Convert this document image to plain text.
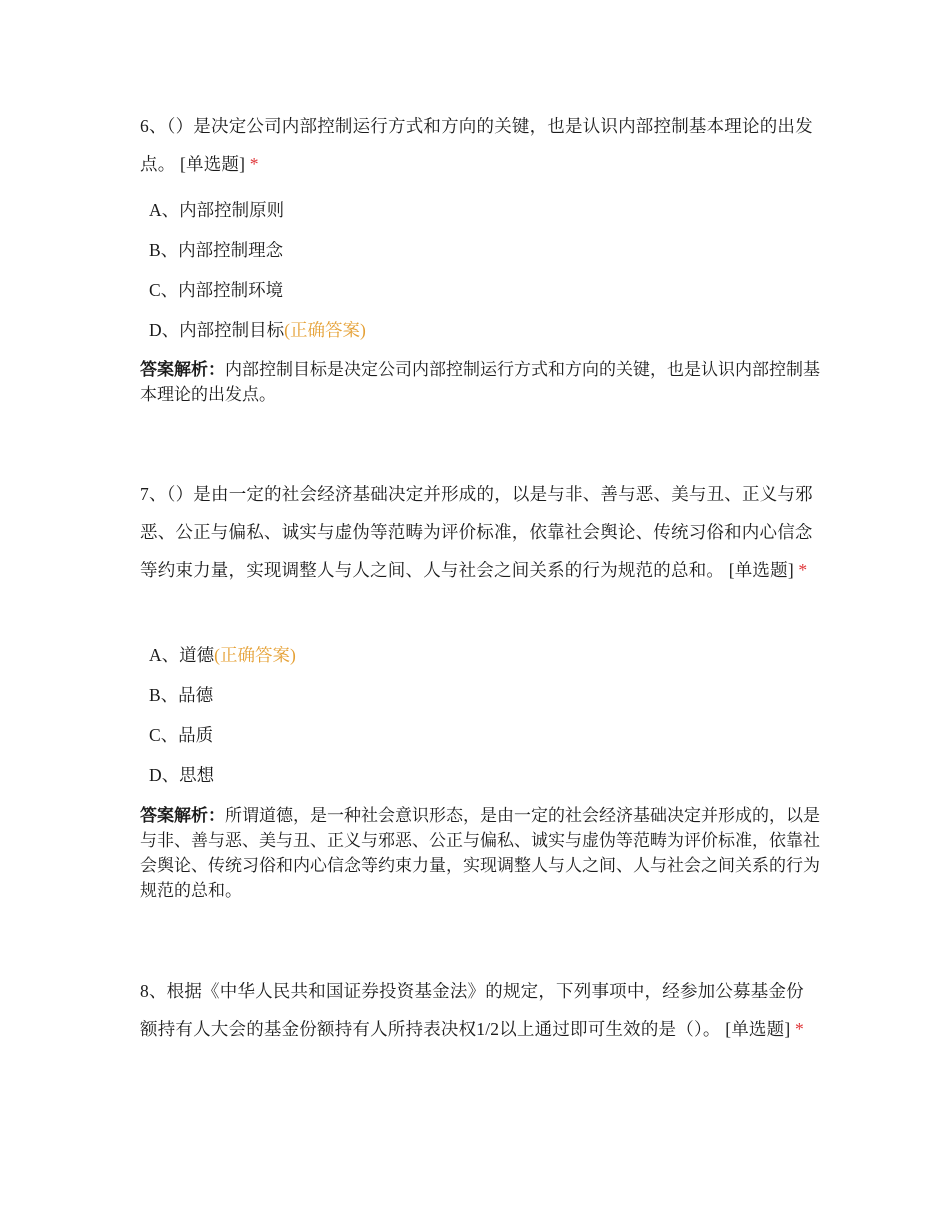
6、（）是决定公司内部控制运行方式和方向的关键，也是认识内部控制基本理论的出发点。 [单选题] *

A、内部控制原则

B、内部控制理念

C、内部控制环境

D、内部控制目标(正确答案)

答案解析：内部控制目标是决定公司内部控制运行方式和方向的关键，也是认识内部控制基本理论的出发点。

7、（）是由一定的社会经济基础决定并形成的，以是与非、善与恶、美与丑、正义与邪恶、公正与偏私、诚实与虚伪等范畴为评价标准，依靠社会舆论、传统习俗和内心信念等约束力量，实现调整人与人之间、人与社会之间关系的行为规范的总和。 [单选题] *

A、道德(正确答案)

B、品德

C、品质

D、思想

答案解析：所谓道德，是一种社会意识形态，是由一定的社会经济基础决定并形成的，以是与非、善与恶、美与丑、正义与邪恶、公正与偏私、诚实与虚伪等范畴为评价标准，依靠社会舆论、传统习俗和内心信念等约束力量，实现调整人与人之间、人与社会之间关系的行为规范的总和。

8、根据《中华人民共和国证券投资基金法》的规定，下列事项中，经参加公募基金份额持有人大会的基金份额持有人所持表决权1/2以上通过即可生效的是（）。 [单选题] *
